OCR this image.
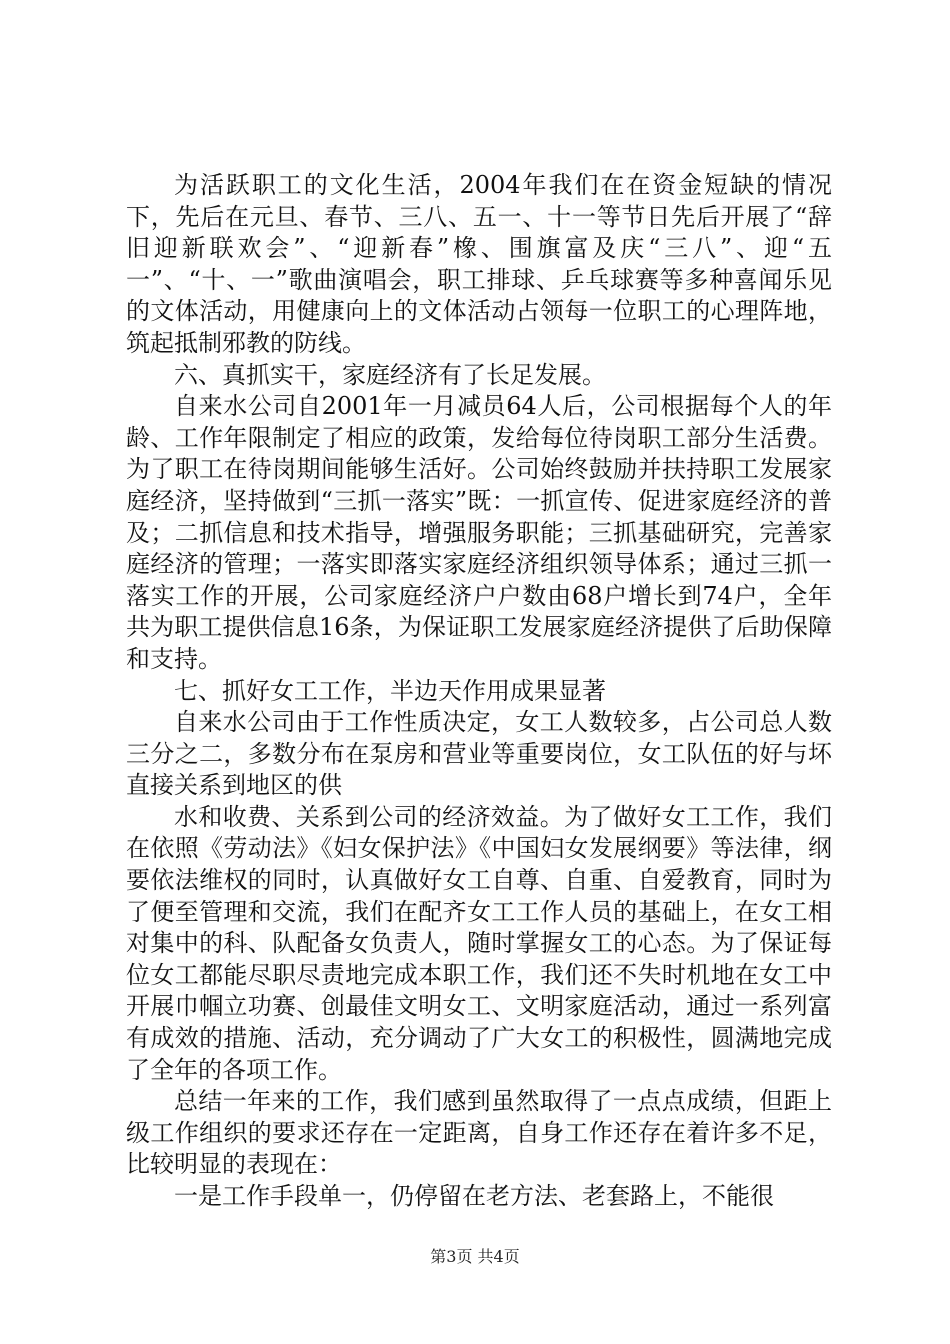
为活跃职工的文化生活，2004年我们在在资金短缺的情况下，先后在元旦、春节、三八、五一、十一等节日先后开展了“辞旧迎新联欢会”、“迎新春”橡、围旗富及庆“三八”、迎“五一”、“十、一”歌曲演唱会，职工排球、乒乓球赛等多种喜闻乐见的文体活动，用健康向上的文体活动占领每一位职工的心理阵地，筑起抵制邪教的防线。

六、真抓实干，家庭经济有了长足发展。

自来水公司自2001年一月减员64人后，公司根据每个人的年龄、工作年限制定了相应的政策，发给每位待岗职工部分生活费。为了职工在待岗期间能够生活好。公司始终鼓励并扶持职工发展家庭经济，坚持做到“三抓一落实”既：一抓宣传、促进家庭经济的普及；二抓信息和技术指导，增强服务职能；三抓基础研究，完善家庭经济的管理；一落实即落实家庭经济组织领导体系；通过三抓一落实工作的开展，公司家庭经济户户数由68户增长到74户，全年共为职工提供信息16条，为保证职工发展家庭经济提供了后助保障和支持。

七、抓好女工工作，半边天作用成果显著

自来水公司由于工作性质决定，女工人数较多，占公司总人数三分之二，多数分布在泵房和营业等重要岗位，女工队伍的好与坏直接关系到地区的供

水和收费、关系到公司的经济效益。为了做好女工工作，我们在依照《劳动法》《妇女保护法》《中国妇女发展纲要》等法律，纲要依法维权的同时，认真做好女工自尊、自重、自爱教育，同时为了便至管理和交流，我们在配齐女工工作人员的基础上，在女工相对集中的科、队配备女负责人，随时掌握女工的心态。为了保证每位女工都能尽职尽责地完成本职工作，我们还不失时机地在女工中开展巾帼立功赛、创最佳文明女工、文明家庭活动，通过一系列富有成效的措施、活动，充分调动了广大女工的积极性，圆满地完成了全年的各项工作。

总结一年来的工作，我们感到虽然取得了一点点成绩，但距上级工作组织的要求还存在一定距离，自身工作还存在着许多不足，比较明显的表现在：

一是工作手段单一，仍停留在老方法、老套路上，不能很

第3页 共4页
